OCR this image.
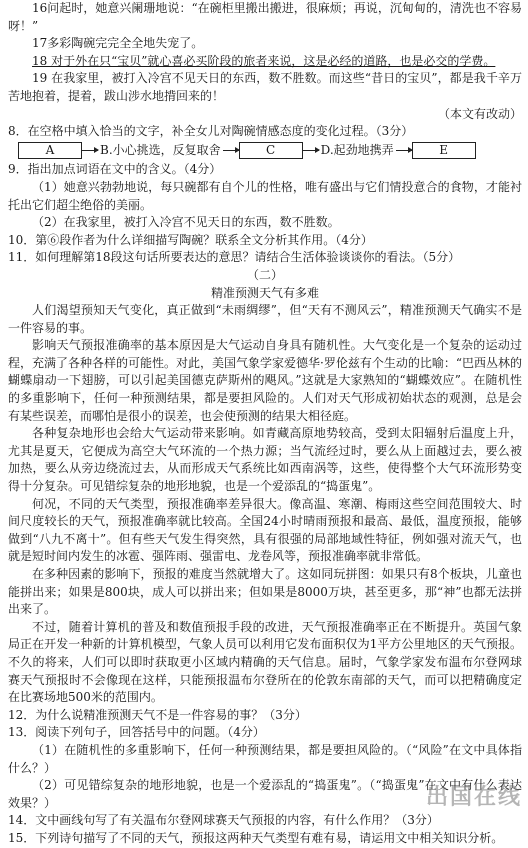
16问起时，她意兴阑珊地说：“在碗柜里搬出搬进，很麻烦；再说，沉甸甸的，清洗也不容易呀！”

17多彩陶碗完完全全地失宠了。

18 对于外在只“宝贝”就心喜必买阶段的旅者来说，这是必经的道路，也是必交的学费。

19 在我家里，被打入冷宫不见天日的东西，数不胜数。而这些“昔日的宝贝”，都是我千辛万苦地抱着，提着，跋山涉水地揹回来的！

（本文有改动）

8．在空格中填入恰当的文字，补全女儿对陶碗情感态度的变化过程。（3分）

A	B.小心挑选，反复取舍	C	D.起劲地携弄	E

9．指出加点词语在文中的含义。（4分）

（1）她意兴勃勃地说，每只碗都有自个儿的性格，唯有盛出与它们情投意合的食物，才能衬托出它们超尘绝俗的美丽。

（2）在我家里，被打入冷宫不见天日的东西，数不胜数。

10．第⑥段作者为什么详细描写陶碗？联系全文分析其作用。（4分）

11．如何理解第18段这句话所要表达的意思？请结合生活体验谈谈你的看法。（5分）

（二）

精准预测天气有多难

人们渴望预知天气变化，真正做到“未雨绸缪”，但“天有不测风云”，精准预测天气确实不是一件容易的事。

影响天气预报准确率的基本原因是大气运动自身具有随机性。大气变化是一个复杂的运动过程，充满了各种各样的可能性。对此，美国气象学家爱德华·罗伦兹有个生动的比喻：“巴西丛林的蝴蝶扇动一下翅膀，可以引起美国德克萨斯州的飓风。”这就是大家熟知的“蝴蝶效应”。在随机性的多重影响下，任何一种预测结果，都是要担风险的。人们对天气形成初始状态的观测，总是会有某些误差，而哪怕是很小的误差，也会使预测的结果大相径庭。

各种复杂地形也会给大气运动带来影响。如青藏高原地势较高，受到太阳辐射后温度上升，尤其是夏天，它便成为高空大气环流的一个热力源；当气流经过时，要么从上面越过去，要么被加热，要么从旁边绕流过去，从而形成天气系统比如西南涡等，这些，使得整个大气环流形势变得十分复杂。可见错综复杂的地形地貌，也是一个爱添乱的“捣蛋鬼”。

何况，不同的天气类型，预报准确率差异很大。像高温、寒潮、梅雨这些空间范围较大、时间尺度较长的天气，预报准确率就比较高。全国24小时晴雨预报和最高、最低，温度预报，能够做到“八九不离十”。但有些天气发生得突然，具有很强的局部地域性特征，例如强对流天气，也就是短时间内发生的冰雹、强阵雨、强雷电、龙卷风等，预报准确率就非常低。

在多种因素的影响下，预报的难度当然就增大了。这如同玩拼图：如果只有8个板块，儿童也能拼出来；如果是800块，成人可以拼出来；但如果是8000万块，甚至更多，那“神”也都无法拼出来了。

不过，随着计算机的普及和数值预报手段的改进，天气预报准确率正在不断提升。英国气象局正在开发一种新的计算机模型，气象人员可以利用它发布面积仅为1平方公里地区的天气预报。不久的将来，人们可以即时获取更小区域内精确的天气信息。届时，气象学家发布温布尔登网球赛天气预报时不会像现在这样，只能预报温布尔登所在的伦敦东南部的天气，而可以把精确度定在比赛场地500米的范围内。

12．为什么说精准预测天气不是一件容易的事？（3分）

13．阅读下列句子，回答括号中的问题。（4分）

（1）在随机性的多重影响下，任何一种预测结果，都是要担风险的。（“风险”在文中具体指什么？）

（2）可见错综复杂的地形地貌，也是一个爱添乱的“捣蛋鬼”。（“捣蛋鬼”在文中有什么表达效果？）

14．文中画线句写了有关温布尔登网球赛天气预报的内容，有什么作用？（3分）

15．下列诗句描写了不同的天气，预报这两种天气类型有难有易，请运用文中相关知识分析。

出国在线
